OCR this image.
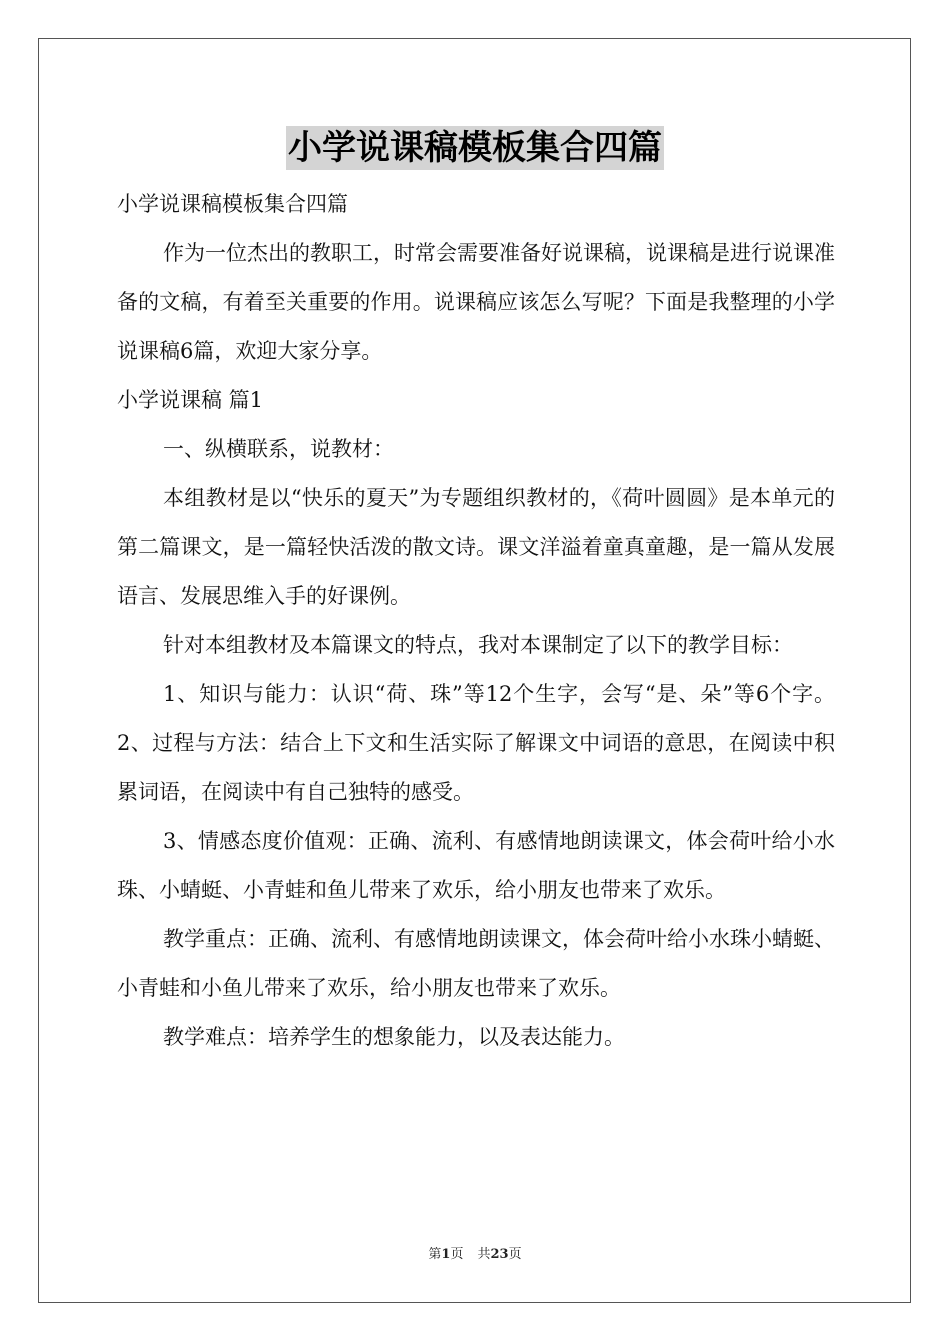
小学说课稿模板集合四篇

小学说课稿模板集合四篇

作为一位杰出的教职工，时常会需要准备好说课稿，说课稿是进行说课准备的文稿，有着至关重要的作用。说课稿应该怎么写呢？下面是我整理的小学说课稿6篇，欢迎大家分享。

小学说课稿 篇1

一、纵横联系，说教材：

本组教材是以“快乐的夏天”为专题组织教材的，《荷叶圆圆》是本单元的第二篇课文，是一篇轻快活泼的散文诗。课文洋溢着童真童趣，是一篇从发展语言、发展思维入手的好课例。

针对本组教材及本篇课文的特点，我对本课制定了以下的教学目标：

1、知识与能力：认识“荷、珠”等12个生字，会写“是、朵”等6个字。2、过程与方法：结合上下文和生活实际了解课文中词语的意思，在阅读中积累词语，在阅读中有自己独特的感受。

3、情感态度价值观：正确、流利、有感情地朗读课文，体会荷叶给小水珠、小蜻蜓、小青蛙和鱼儿带来了欢乐，给小朋友也带来了欢乐。

教学重点：正确、流利、有感情地朗读课文，体会荷叶给小水珠小蜻蜓、小青蛙和小鱼儿带来了欢乐，给小朋友也带来了欢乐。

教学难点：培养学生的想象能力，以及表达能力。

第1页 共23页
